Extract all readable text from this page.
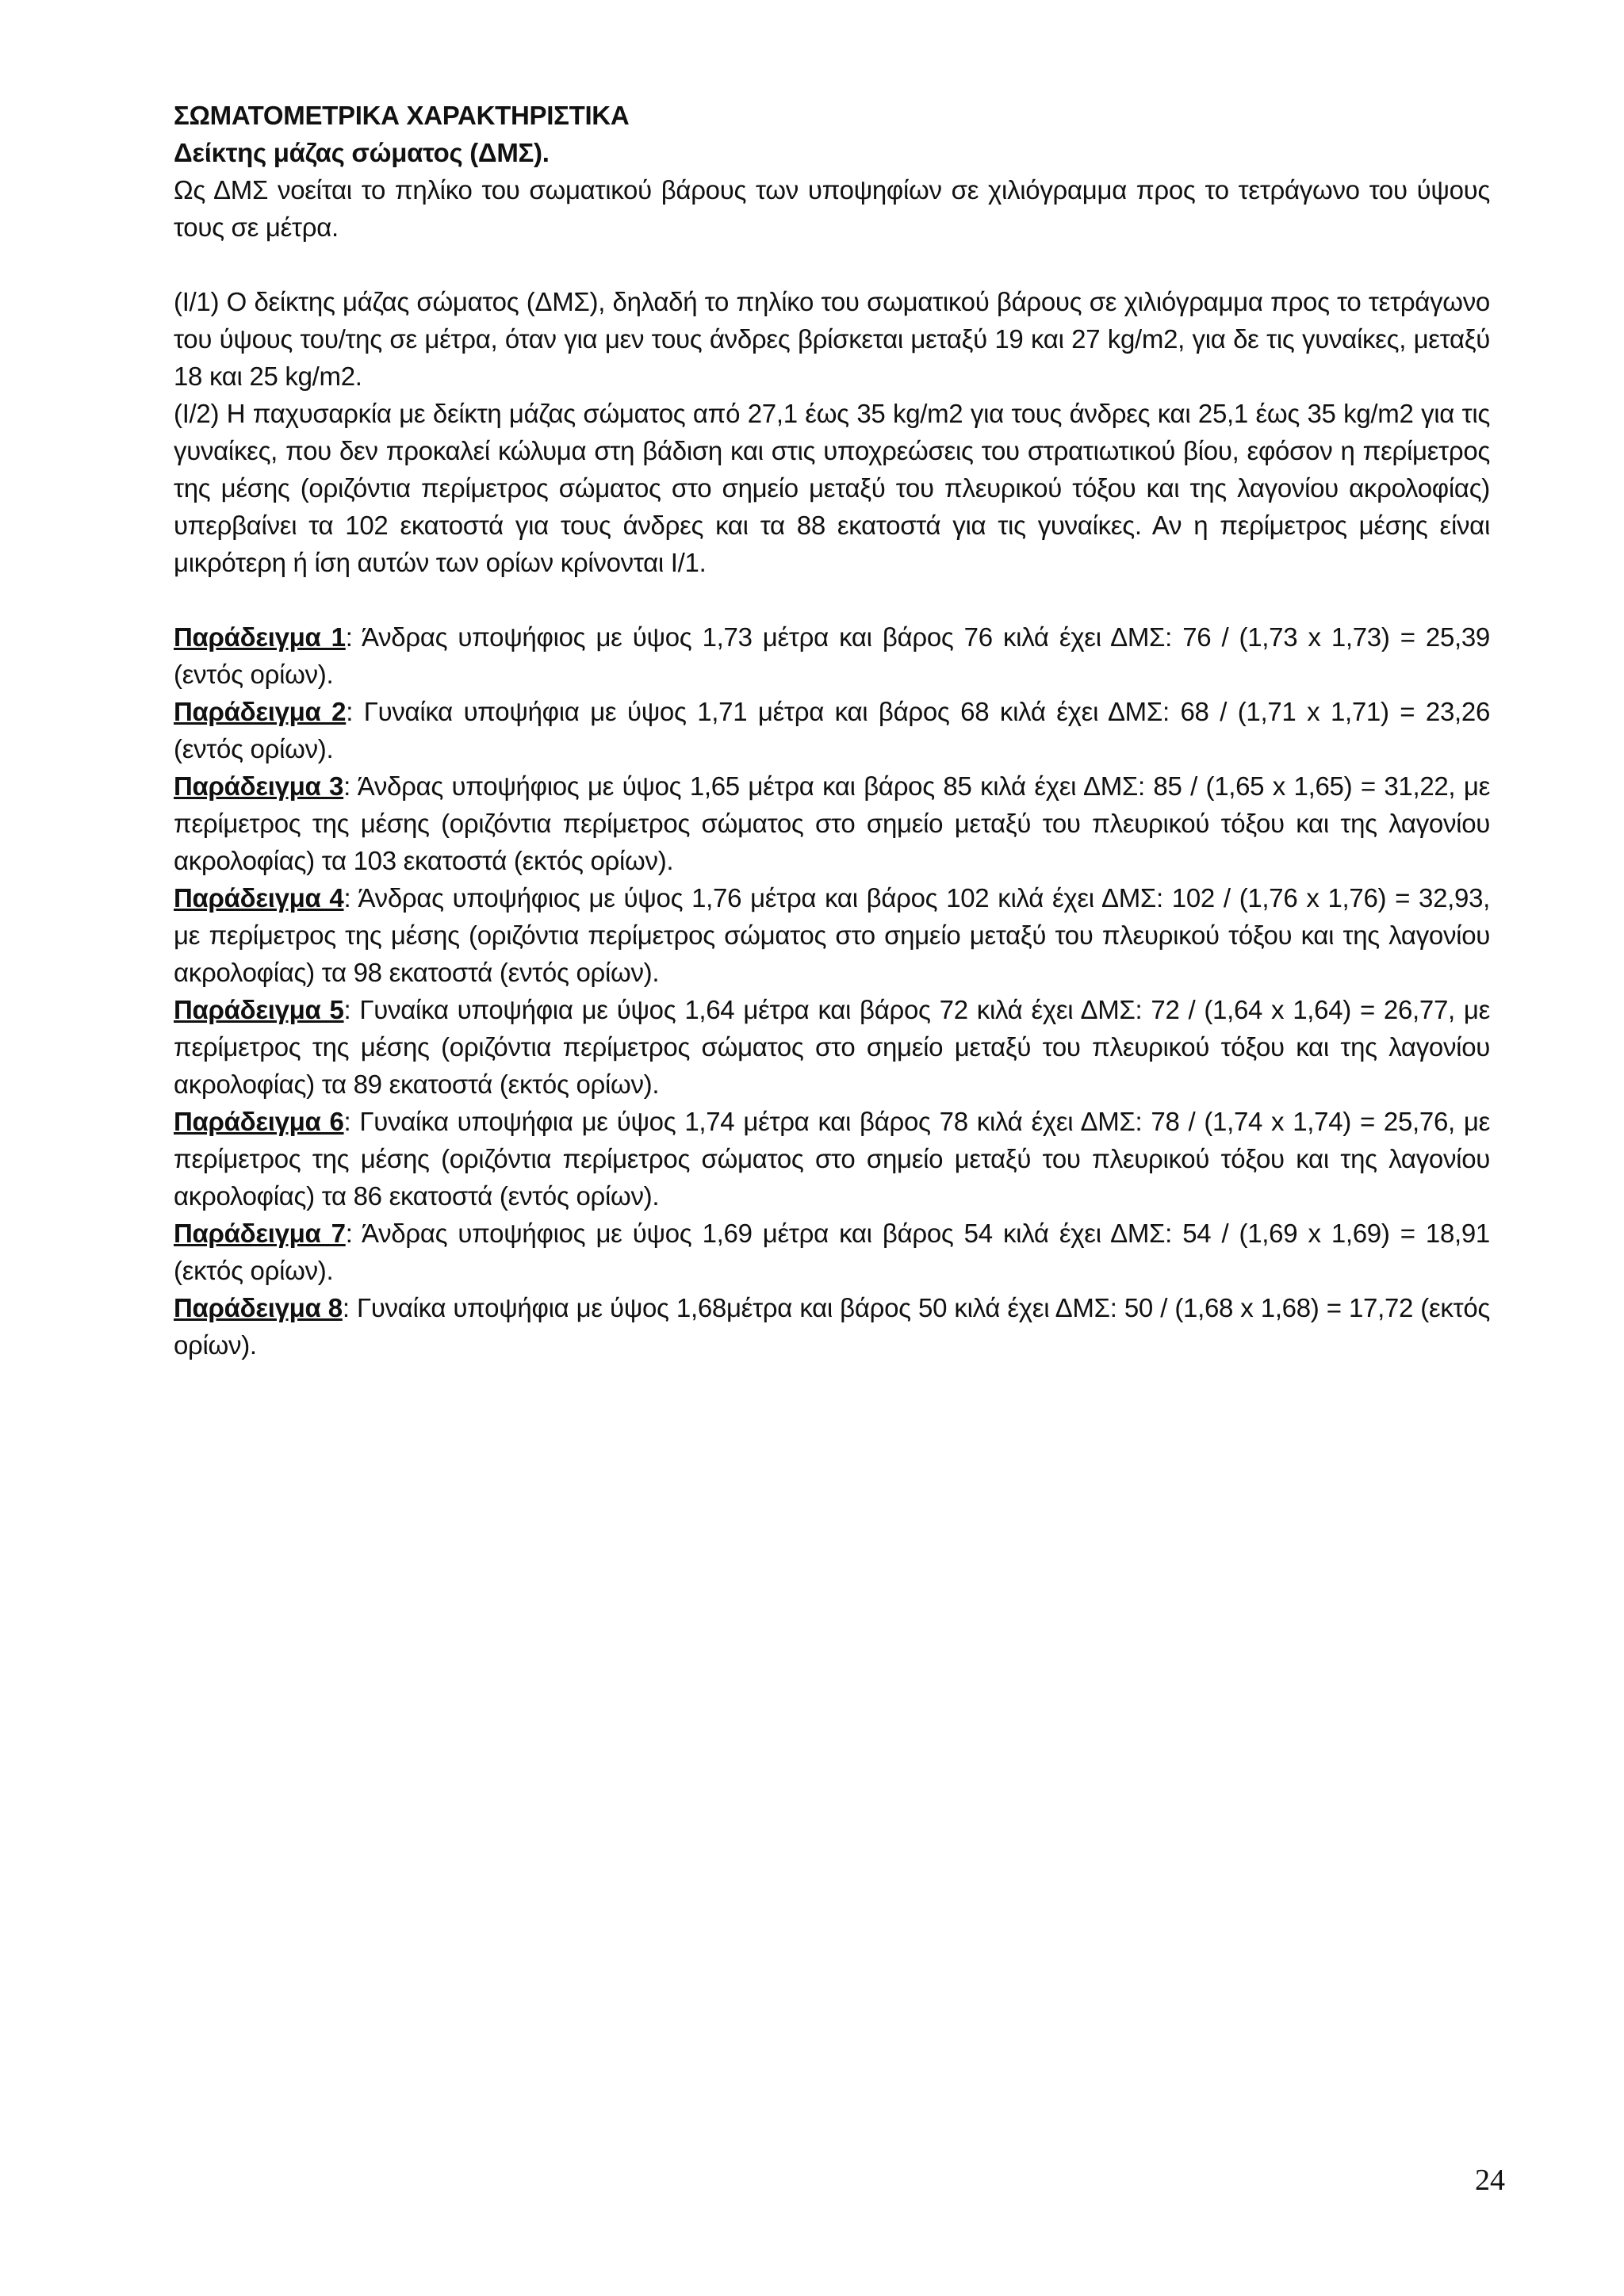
ΣΩΜΑΤΟΜΕΤΡΙΚΑ ΧΑΡΑΚΤΗΡΙΣΤΙΚΑ

Δείκτης μάζας σώματος (ΔΜΣ).

Ως ΔΜΣ νοείται το πηλίκο του σωματικού βάρους των υποψηφίων σε χιλιόγραμμα προς το τετράγωνο του ύψους τους σε μέτρα.

(Ι/1) Ο δείκτης μάζας σώματος (ΔΜΣ), δηλαδή το πηλίκο του σωματικού βάρους σε χιλιόγραμμα προς το τετράγωνο του ύψους του/της σε μέτρα, όταν για μεν τους άνδρες βρίσκεται μεταξύ 19 και 27 kg/m2, για δε τις γυναίκες, μεταξύ 18 και 25 kg/m2.

(Ι/2) Η παχυσαρκία με δείκτη μάζας σώματος από 27,1 έως 35 kg/m2 για τους άνδρες και 25,1 έως 35 kg/m2 για τις γυναίκες, που δεν προκαλεί κώλυμα στη βάδιση και στις υποχρεώσεις του στρατιωτικού βίου, εφόσον η περίμετρος της μέσης (οριζόντια περίμετρος σώματος στο σημείο μεταξύ του πλευρικού τόξου και της λαγονίου ακρολοφίας) υπερβαίνει τα 102 εκατοστά για τους άνδρες και τα 88 εκατοστά για τις γυναίκες. Αν η περίμετρος μέσης είναι μικρότερη ή ίση αυτών των ορίων κρίνονται Ι/1.

Παράδειγμα 1: Άνδρας υποψήφιος με ύψος 1,73 μέτρα και βάρος 76 κιλά έχει ΔΜΣ: 76 / (1,73 x 1,73) = 25,39 (εντός ορίων).

Παράδειγμα 2: Γυναίκα υποψήφια με ύψος 1,71 μέτρα και βάρος 68 κιλά έχει ΔΜΣ: 68 / (1,71 x 1,71) = 23,26 (εντός ορίων).

Παράδειγμα 3: Άνδρας υποψήφιος με ύψος 1,65 μέτρα και βάρος 85 κιλά έχει ΔΜΣ: 85 / (1,65 x 1,65) = 31,22, με περίμετρος της μέσης (οριζόντια περίμετρος σώματος στο σημείο μεταξύ του πλευρικού τόξου και της λαγονίου ακρολοφίας) τα 103 εκατοστά (εκτός ορίων).

Παράδειγμα 4: Άνδρας υποψήφιος με ύψος 1,76 μέτρα και βάρος 102 κιλά έχει ΔΜΣ: 102 / (1,76 x 1,76) = 32,93, με περίμετρος της μέσης (οριζόντια περίμετρος σώματος στο σημείο μεταξύ του πλευρικού τόξου και της λαγονίου ακρολοφίας) τα 98 εκατοστά (εντός ορίων).

Παράδειγμα 5: Γυναίκα υποψήφια με ύψος 1,64 μέτρα και βάρος 72 κιλά έχει ΔΜΣ: 72 / (1,64 x 1,64) = 26,77, με περίμετρος της μέσης (οριζόντια περίμετρος σώματος στο σημείο μεταξύ του πλευρικού τόξου και της λαγονίου ακρολοφίας) τα 89 εκατοστά (εκτός ορίων).

Παράδειγμα 6: Γυναίκα υποψήφια με ύψος 1,74 μέτρα και βάρος 78 κιλά έχει ΔΜΣ: 78 / (1,74 x 1,74) = 25,76, με περίμετρος της μέσης (οριζόντια περίμετρος σώματος στο σημείο μεταξύ του πλευρικού τόξου και της λαγονίου ακρολοφίας) τα 86 εκατοστά (εντός ορίων).

Παράδειγμα 7: Άνδρας υποψήφιος με ύψος 1,69 μέτρα και βάρος 54 κιλά έχει ΔΜΣ: 54 / (1,69 x 1,69) = 18,91 (εκτός ορίων).

Παράδειγμα 8: Γυναίκα υποψήφια με ύψος 1,68μέτρα και βάρος 50 κιλά έχει ΔΜΣ: 50 / (1,68 x 1,68) = 17,72 (εκτός ορίων).

24
